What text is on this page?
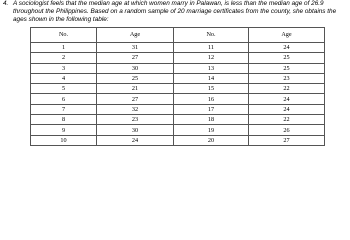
4. A sociologist feels that the median age at which women marry in Palawan, is less than the median age of 26.9 throughout the Philippines. Based on a random sample of 20 marriage certificates from the county, she obtains the ages shown in the following table:
No.	Age	No.	Age
1	31	11	24
2	27	12	25
3	30	13	25
4	25	14	23
5	21	15	22
6	27	16	24
7	32	17	24
8	23	18	22
9	30	19	26
10	24	20	27
